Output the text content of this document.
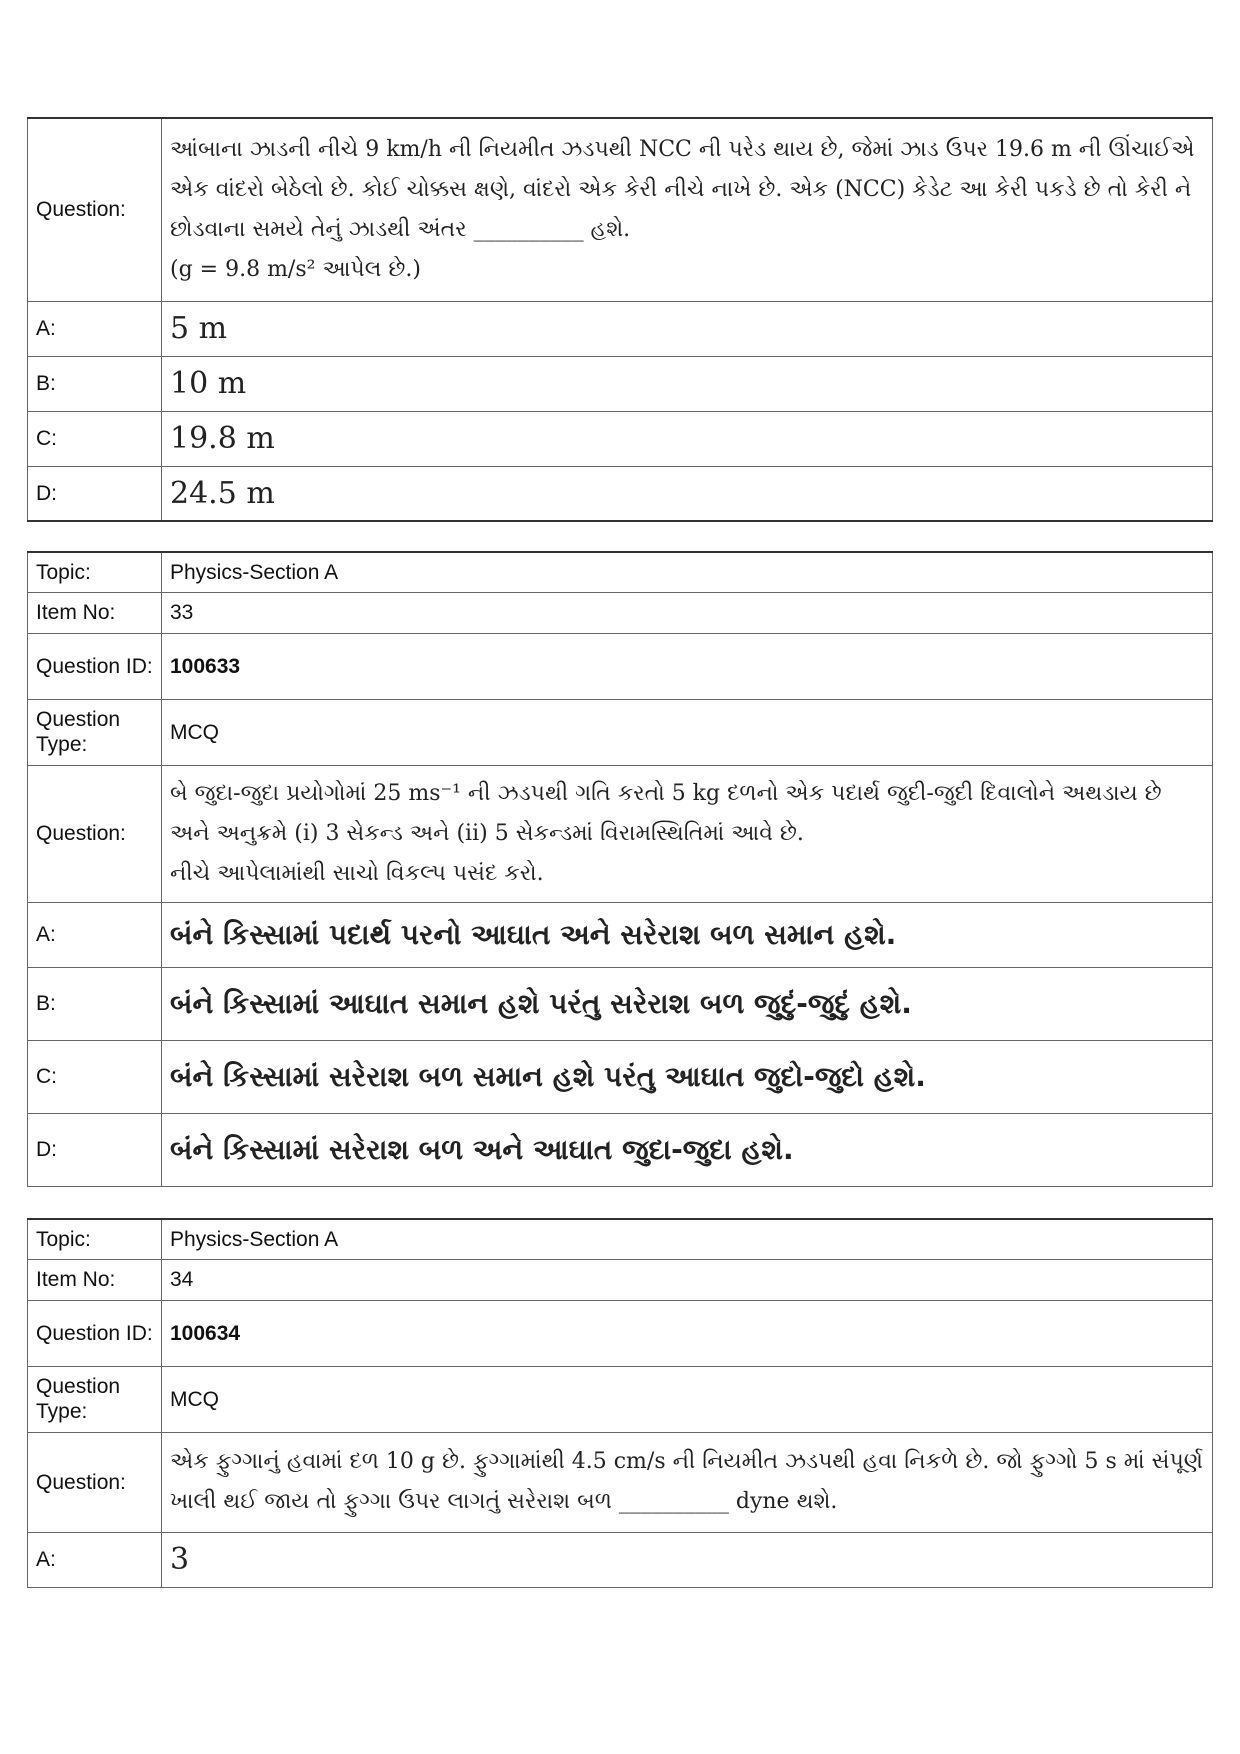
Question:	આંબાના ઝાડની નીચે 9 km/h ની નિયમીત ઝડપથી NCC ની પરેડ થાય છે, જેમાં ઝાડ ઉપર 19.6 m ની ઊંચાઈએ
એક વાંદરો બેઠેલો છે. કોઈ ચોક્કસ ક્ષણે, વાંદરો એક કેરી નીચે નાખે છે. એક (NCC) કેડેટ આ કેરી પકડે છે તો કેરી ને
છોડવાના સમયે તેનું ઝાડથી અંતર __________ હશે.
(g = 9.8 m/s² આપેલ છે.)

A:	5 m
B:	10 m
C:	19.8 m
D:	24.5 m
Topic:	Physics-Section A
Item No:	33
Question ID:	100633
Question Type:	MCQ
Question:	બે જુદા-જુદા પ્રયોગોમાં 25 ms⁻¹ ની ઝડપથી ગતિ કરતો 5 kg દળનો એક પદાર્થ જુદી-જુદી દિવાલોને અથડાય છે
અને અનુક્રમે (i) 3 સેકન્ડ અને (ii) 5 સેકન્ડમાં વિરામસ્થિતિમાં આવે છે.
નીચે આપેલામાંથી સાચો વિકલ્પ પસંદ કરો.

A:	બંને કિસ્સામાં પદાર્થ પરનો આઘાત અને સરેરાશ બળ સમાન હશે.
B:	બંને કિસ્સામાં આઘાત સમાન હશે પરંતુ સરેરાશ બળ જુદું-જુદું હશે.
C:	બંને કિસ્સામાં સરેરાશ બળ સમાન હશે પરંતુ આઘાત જુદો-જુદો હશે.
D:	બંને કિસ્સામાં સરેરાશ બળ અને આઘાત જુદા-જુદા હશે.
Topic:	Physics-Section A
Item No:	34
Question ID:	100634
Question Type:	MCQ
Question:	એક ફુગ્ગાનું હવામાં દળ 10 g છે. ફુગ્ગામાંથી 4.5 cm/s ની નિયમીત ઝડપથી હવા નિકળે છે. જો ફુગ્ગો 5 s માં સંપૂર્ણ
ખાલી થઈ જાય તો ફુગ્ગા ઉપર લાગતું સરેરાશ બળ __________ dyne થશે.

A:	3
